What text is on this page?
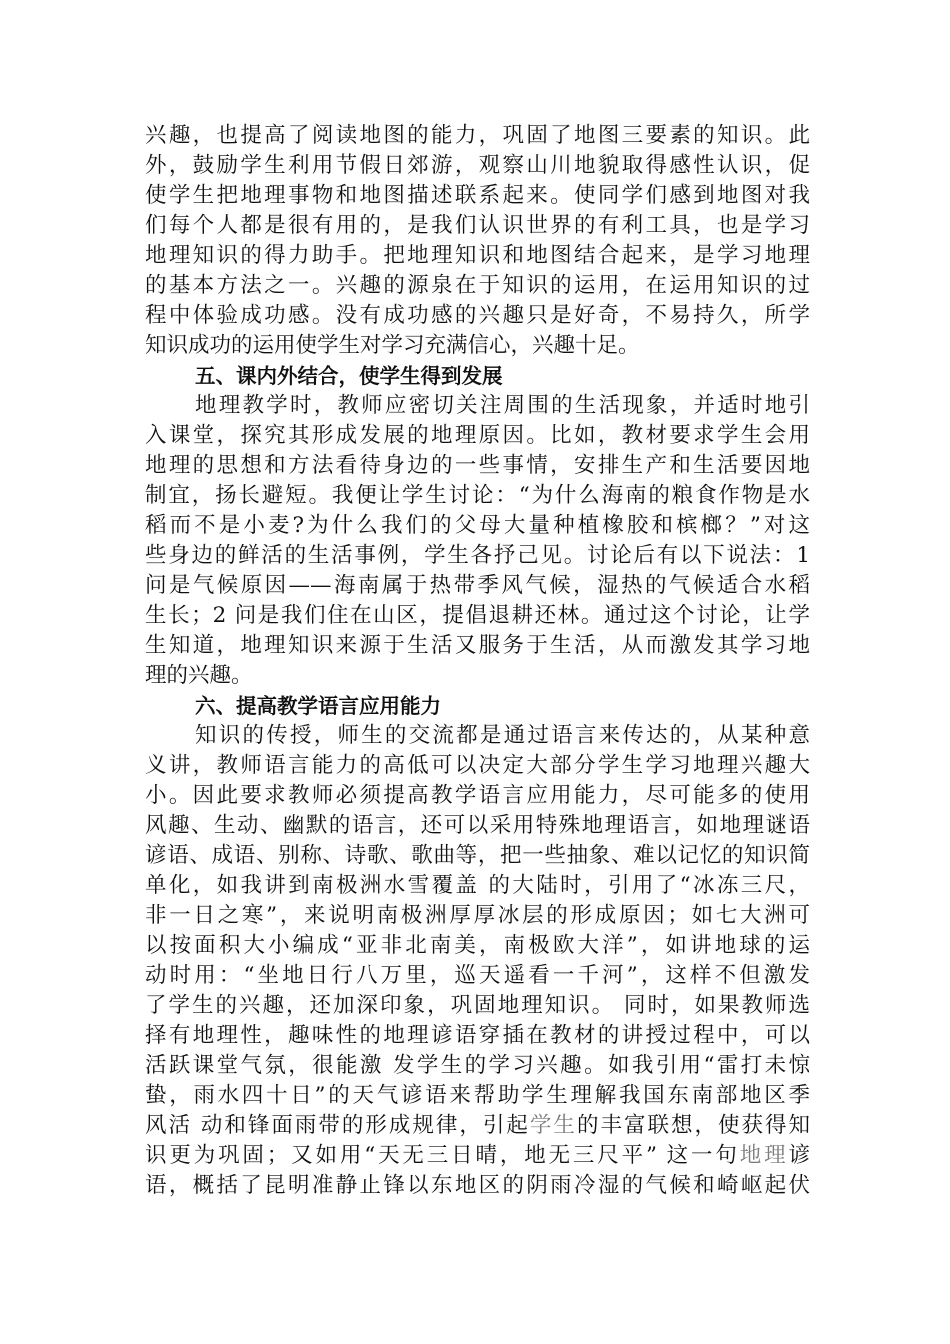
兴趣，也提高了阅读地图的能力，巩固了地图三要素的知识。此
外，鼓励学生利用节假日郊游，观察山川地貌取得感性认识，促
使学生把地理事物和地图描述联系起来。使同学们感到地图对我
们每个人都是很有用的，是我们认识世界的有利工具，也是学习
地理知识的得力助手。把地理知识和地图结合起来，是学习地理
的基本方法之一。兴趣的源泉在于知识的运用，在运用知识的过
程中体验成功感。没有成功感的兴趣只是好奇，不易持久，所学
知识成功的运用使学生对学习充满信心，兴趣十足。
五、课内外结合，使学生得到发展
地理教学时，教师应密切关注周围的生活现象，并适时地引
入课堂，探究其形成发展的地理原因。比如，教材要求学生会用
地理的思想和方法看待身边的一些事情，安排生产和生活要因地
制宜，扬长避短。我便让学生讨论：“为什么海南的粮食作物是水
稻而不是小麦?为什么我们的父母大量种植橡胶和槟榔？”对这
些身边的鲜活的生活事例，学生各抒己见。讨论后有以下说法：1
问是气候原因——海南属于热带季风气候，湿热的气候适合水稻
生长；2 问是我们住在山区，提倡退耕还林。通过这个讨论，让学
生知道，地理知识来源于生活又服务于生活，从而激发其学习地
理的兴趣。
六、提高教学语言应用能力
知识的传授，师生的交流都是通过语言来传达的，从某种意
义讲，教师语言能力的高低可以决定大部分学生学习地理兴趣大
小。因此要求教师必须提高教学语言应用能力，尽可能多的使用
风趣、生动、幽默的语言，还可以采用特殊地理语言，如地理谜语
谚语、成语、别称、诗歌、歌曲等，把一些抽象、难以记忆的知识简
单化，如我讲到南极洲水雪覆盖 的大陆时，引用了“冰冻三尺，
非一日之寒”，来说明南极洲厚厚冰层的形成原因；如七大洲可
以按面积大小编成“亚非北南美，南极欧大洋”，如讲地球的运
动时用：“坐地日行八万里，巡天遥看一千河”，这样不但激发
了学生的兴趣，还加深印象，巩固地理知识。 同时，如果教师选
择有地理性，趣味性的地理谚语穿插在教材的讲授过程中，可以
活跃课堂气氛，很能激 发学生的学习兴趣。如我引用“雷打未惊
蛰，雨水四十日”的天气谚语来帮助学生理解我国东南部地区季
风活 动和锋面雨带的形成规律，引起学生的丰富联想，使获得知
识更为巩固；又如用“天无三日晴，地无三尺平” 这一句地理谚
语，概括了昆明准静止锋以东地区的阴雨冷湿的气候和崎岖起伏
